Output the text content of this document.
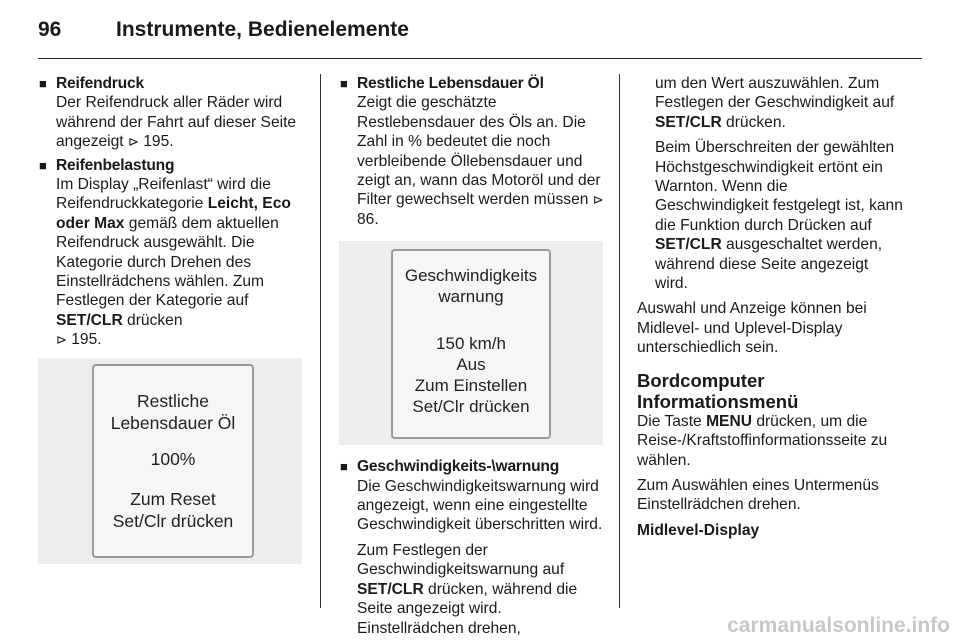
96	Instrumente, Bedienelemente
■ Reifendruck
Der Reifendruck aller Räder wird während der Fahrt auf dieser Seite angezeigt ⊳ 195.
■ Reifenbelastung
Im Display „Reifenlast“ wird die Reifendruckkategorie Leicht, Eco oder Max gemäß dem aktuellen Reifendruck ausgewählt. Die Kategorie durch Drehen des Einstellrädchens wählen. Zum Festlegen der Kategorie auf SET/CLR drücken
⊳ 195.
Restliche
Lebensdauer Öl
100%
Zum Reset
Set/Clr drücken
■ Restliche Lebensdauer Öl
Zeigt die geschätzte Restlebensdauer des Öls an. Die Zahl in % bedeutet die noch verbleibende Öllebensdauer und zeigt an, wann das Motoröl und der Filter gewechselt werden müssen ⊳ 86.
Geschwindigkeits
warnung
150 km/h
Aus
Zum Einstellen
Set/Clr drücken
■ Geschwindigkeits-\warnung
Die Geschwindigkeitswarnung wird angezeigt, wenn eine eingestellte Geschwindigkeit überschritten wird.
Zum Festlegen der Geschwindigkeitswarnung auf SET/CLR drücken, während die Seite angezeigt wird. Einstellrädchen drehen,
um den Wert auszuwählen. Zum Festlegen der Geschwindigkeit auf SET/CLR drücken.
Beim Überschreiten der gewählten Höchstgeschwindigkeit ertönt ein Warnton. Wenn die Geschwindigkeit festgelegt ist, kann die Funktion durch Drücken auf SET/CLR ausgeschaltet werden, während diese Seite angezeigt wird.
Auswahl und Anzeige können bei Midlevel- und Uplevel-Display unterschiedlich sein.
Bordcomputer Informationsmenü
Die Taste MENU drücken, um die Reise-/Kraftstoffinformationsseite zu wählen.
Zum Auswählen eines Untermenüs Einstellrädchen drehen.
Midlevel-Display
carmanualsonline.info
